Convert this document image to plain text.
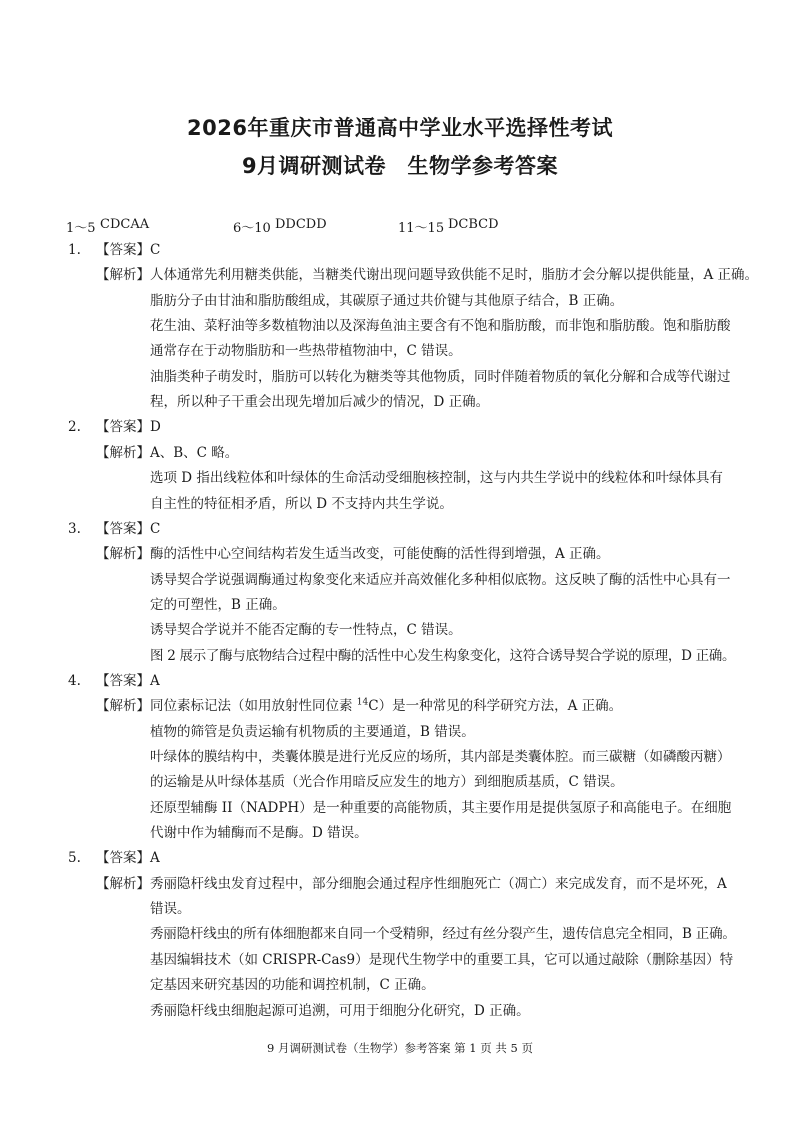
2026年重庆市普通高中学业水平选择性考试
9月调研测试卷　生物学参考答案
1～5 CDCAA	6～10 DDCDD	11～15 DCBCD
1. 【答案】 C
【解析】 人体通常先利用糖类供能，当糖类代谢出现问题导致供能不足时，脂肪才会分解以提供能量，A 正确。
脂肪分子由甘油和脂肪酸组成，其碳原子通过共价键与其他原子结合，B 正确。
花生油、菜籽油等多数植物油以及深海鱼油主要含有不饱和脂肪酸，而非饱和脂肪酸。饱和脂肪酸
通常存在于动物脂肪和一些热带植物油中，C 错误。
油脂类种子萌发时，脂肪可以转化为糖类等其他物质，同时伴随着物质的氧化分解和合成等代谢过
程，所以种子干重会出现先增加后减少的情况，D 正确。
2. 【答案】 D
【解析】 A、B、C 略。
选项 D 指出线粒体和叶绿体的生命活动受细胞核控制，这与内共生学说中的线粒体和叶绿体具有
自主性的特征相矛盾，所以 D 不支持内共生学说。
3. 【答案】 C
【解析】 酶的活性中心空间结构若发生适当改变，可能使酶的活性得到增强，A 正确。
诱导契合学说强调酶通过构象变化来适应并高效催化多种相似底物。这反映了酶的活性中心具有一
定的可塑性，B 正确。
诱导契合学说并不能否定酶的专一性特点，C 错误。
图 2 展示了酶与底物结合过程中酶的活性中心发生构象变化，这符合诱导契合学说的原理，D 正确。
4. 【答案】 A
【解析】 同位素标记法（如用放射性同位素 $^{14}$C）是一种常见的科学研究方法，A 正确。
植物的筛管是负责运输有机物质的主要通道，B 错误。
叶绿体的膜结构中，类囊体膜是进行光反应的场所，其内部是类囊体腔。而三碳糖（如磷酸丙糖）
的运输是从叶绿体基质（光合作用暗反应发生的地方）到细胞质基质，C 错误。
还原型辅酶 II（NADPH）是一种重要的高能物质，其主要作用是提供氢原子和高能电子。在细胞
代谢中作为辅酶而不是酶。D 错误。
5. 【答案】 A
【解析】 秀丽隐杆线虫发育过程中，部分细胞会通过程序性细胞死亡（凋亡）来完成发育，而不是坏死，A
错误。
秀丽隐杆线虫的所有体细胞都来自同一个受精卵，经过有丝分裂产生，遗传信息完全相同，B 正确。
基因编辑技术（如 CRISPR-Cas9）是现代生物学中的重要工具，它可以通过敲除（删除基因）特
定基因来研究基因的功能和调控机制，C 正确。
秀丽隐杆线虫细胞起源可追溯，可用于细胞分化研究，D 正确。
9 月调研测试卷（生物学）参考答案 第 1 页 共 5 页
